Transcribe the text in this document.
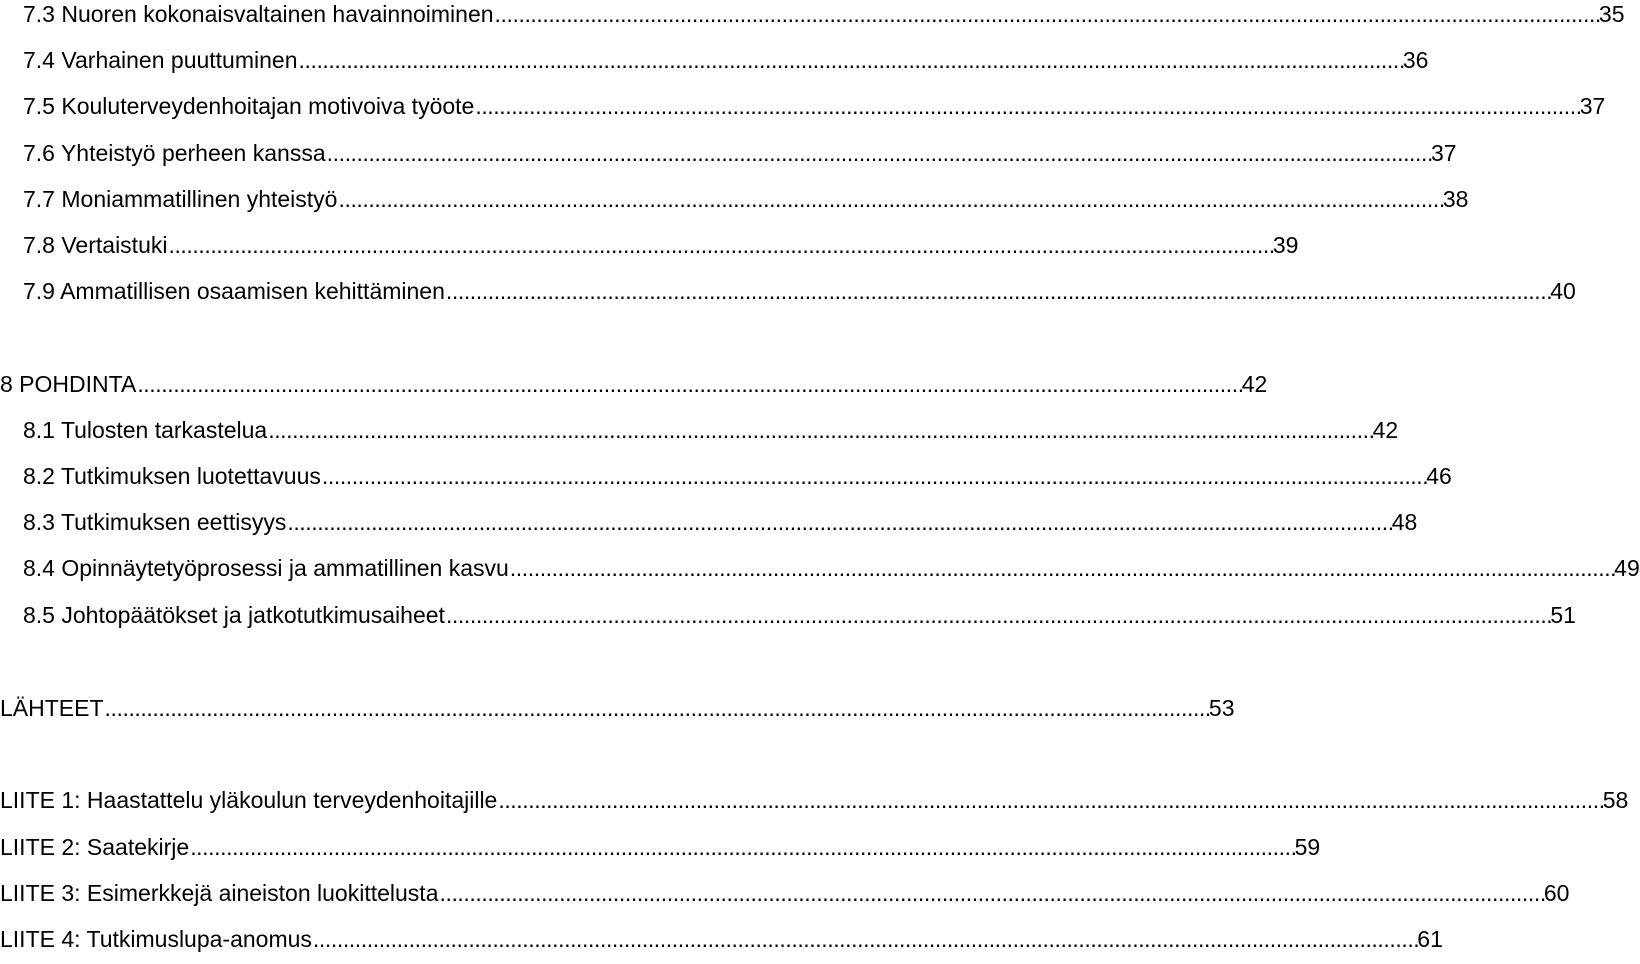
7.3 Nuoren kokonaisvaltainen havainnoiminen . . .	35
7.4 Varhainen puuttuminen . . .	36
7.5 Kouluterveydenhoitajan motivoiva työote . . .	37
7.6 Yhteistyö perheen kanssa . . .	37
7.7 Moniammatillinen yhteistyö . . .	38
7.8 Vertaistuki . . .	39
7.9 Ammatillisen osaamisen kehittäminen . . .	40
8 POHDINTA . . .	42
8.1 Tulosten tarkastelua . . .	42
8.2 Tutkimuksen luotettavuus . . .	46
8.3 Tutkimuksen eettisyys . . .	48
8.4 Opinnäytetyöprosessi ja ammatillinen kasvu . . .	49
8.5 Johtopäätökset ja jatkotutkimusaiheet . . .	51
LÄHTEET . . .	53
LIITE 1: Haastattelu yläkoulun terveydenhoitajille . . .	58
LIITE 2: Saatekirje . . .	59
LIITE 3: Esimerkkejä aineiston luokittelusta . . .	60
LIITE 4: Tutkimuslupa-anomus . . .	61
